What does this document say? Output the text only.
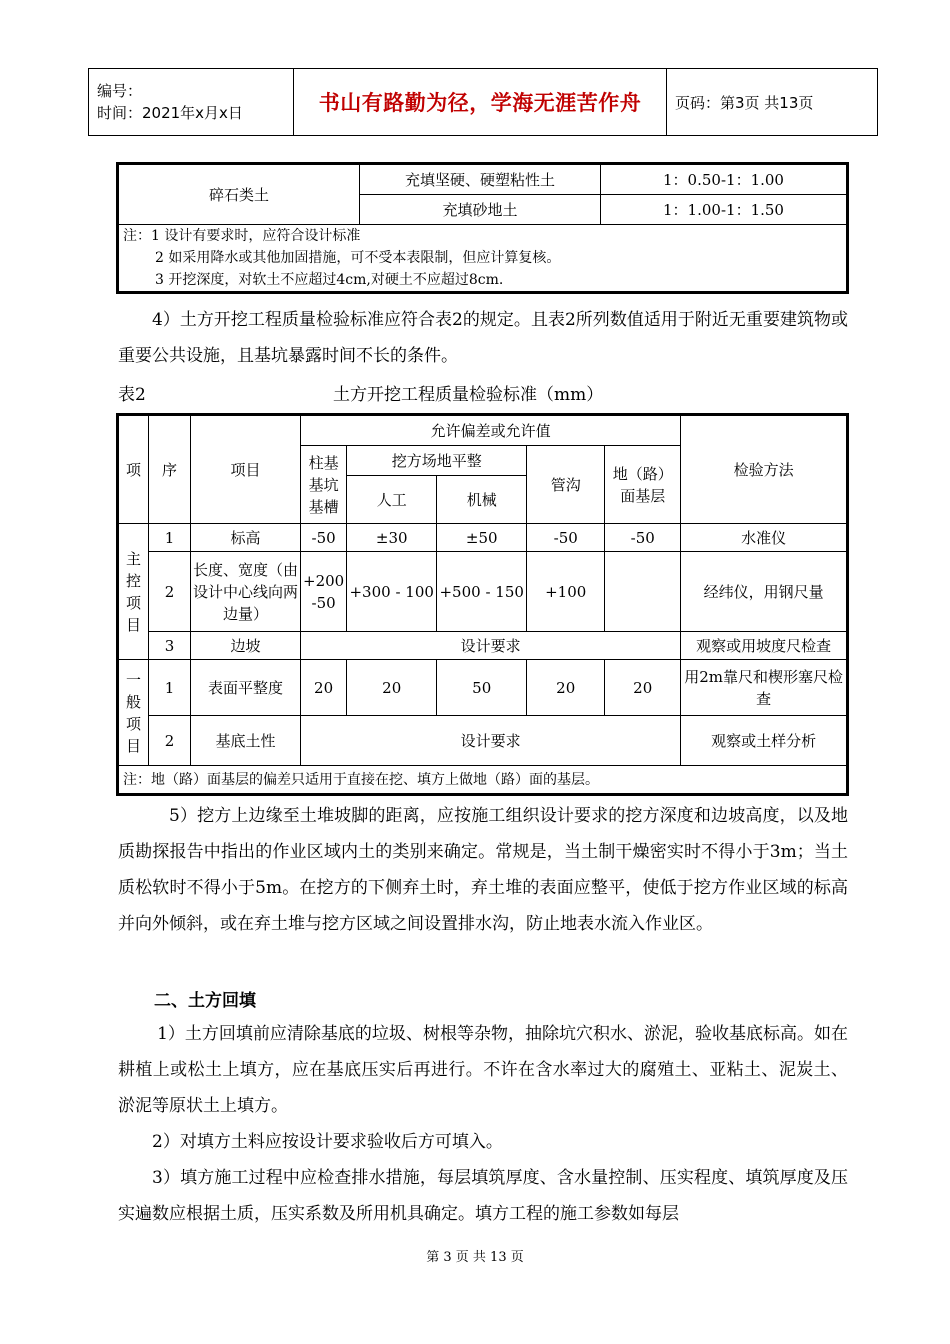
编号：
时间：2021年x月x日	书山有路勤为径，学海无涯苦作舟	页码：第3页 共13页
碎石类土	充填坚硬、硬塑粘性土	1：0.50-1：1.00
	充填砂地土	1：1.00-1：1.50

注：1 设计有要求时，应符合设计标准
2 如采用降水或其他加固措施，可不受本表限制，但应计算复核。
3 开挖深度，对软土不应超过4cm,对硬土不应超过8cm.		
4）土方开挖工程质量检验标准应符合表2的规定。且表2所列数值适用于附近无重要建筑物或重要公共设施，且基坑暴露时间不长的条件。
表2	土方开挖工程质量检验标准（mm）
项	序	项目	允许偏差或允许值					检验方法
			柱基基坑基槽	挖方场地平整		管沟	地（路）面基层	
				人工	机械			
主控项目	1	标高	-50	±30	±50	-50	-50	水准仪
	2	长度、宽度（由设计中心线向两边量）	+200 -50	+300 - 100	+500 - 150	+100		经纬仪，用钢尺量
	3	边坡	设计要求					观察或用坡度尺检查
一般项目	1	表面平整度	20	20	50	20	20	用2m靠尺和楔形塞尺检查
	2	基底土性	设计要求					观察或土样分析
注：地（路）面基层的偏差只适用于直接在挖、填方上做地（路）面的基层。								
5）挖方上边缘至土堆坡脚的距离，应按施工组织设计要求的挖方深度和边坡高度，以及地质勘探报告中指出的作业区域内土的类别来确定。常规是，当土制干燥密实时不得小于3m；当土质松软时不得小于5m。在挖方的下侧弃土时，弃土堆的表面应整平，使低于挖方作业区域的标高并向外倾斜，或在弃土堆与挖方区域之间设置排水沟，防止地表水流入作业区。
二、土方回填
1）土方回填前应清除基底的垃圾、树根等杂物，抽除坑穴积水、淤泥，验收基底标高。如在耕植上或松土上填方，应在基底压实后再进行。不许在含水率过大的腐殖土、亚粘土、泥炭土、淤泥等原状土上填方。
2）对填方土料应按设计要求验收后方可填入。
3）填方施工过程中应检查排水措施，每层填筑厚度、含水量控制、压实程度、填筑厚度及压实遍数应根据土质，压实系数及所用机具确定。填方工程的施工参数如每层
第 3 页 共 13 页
